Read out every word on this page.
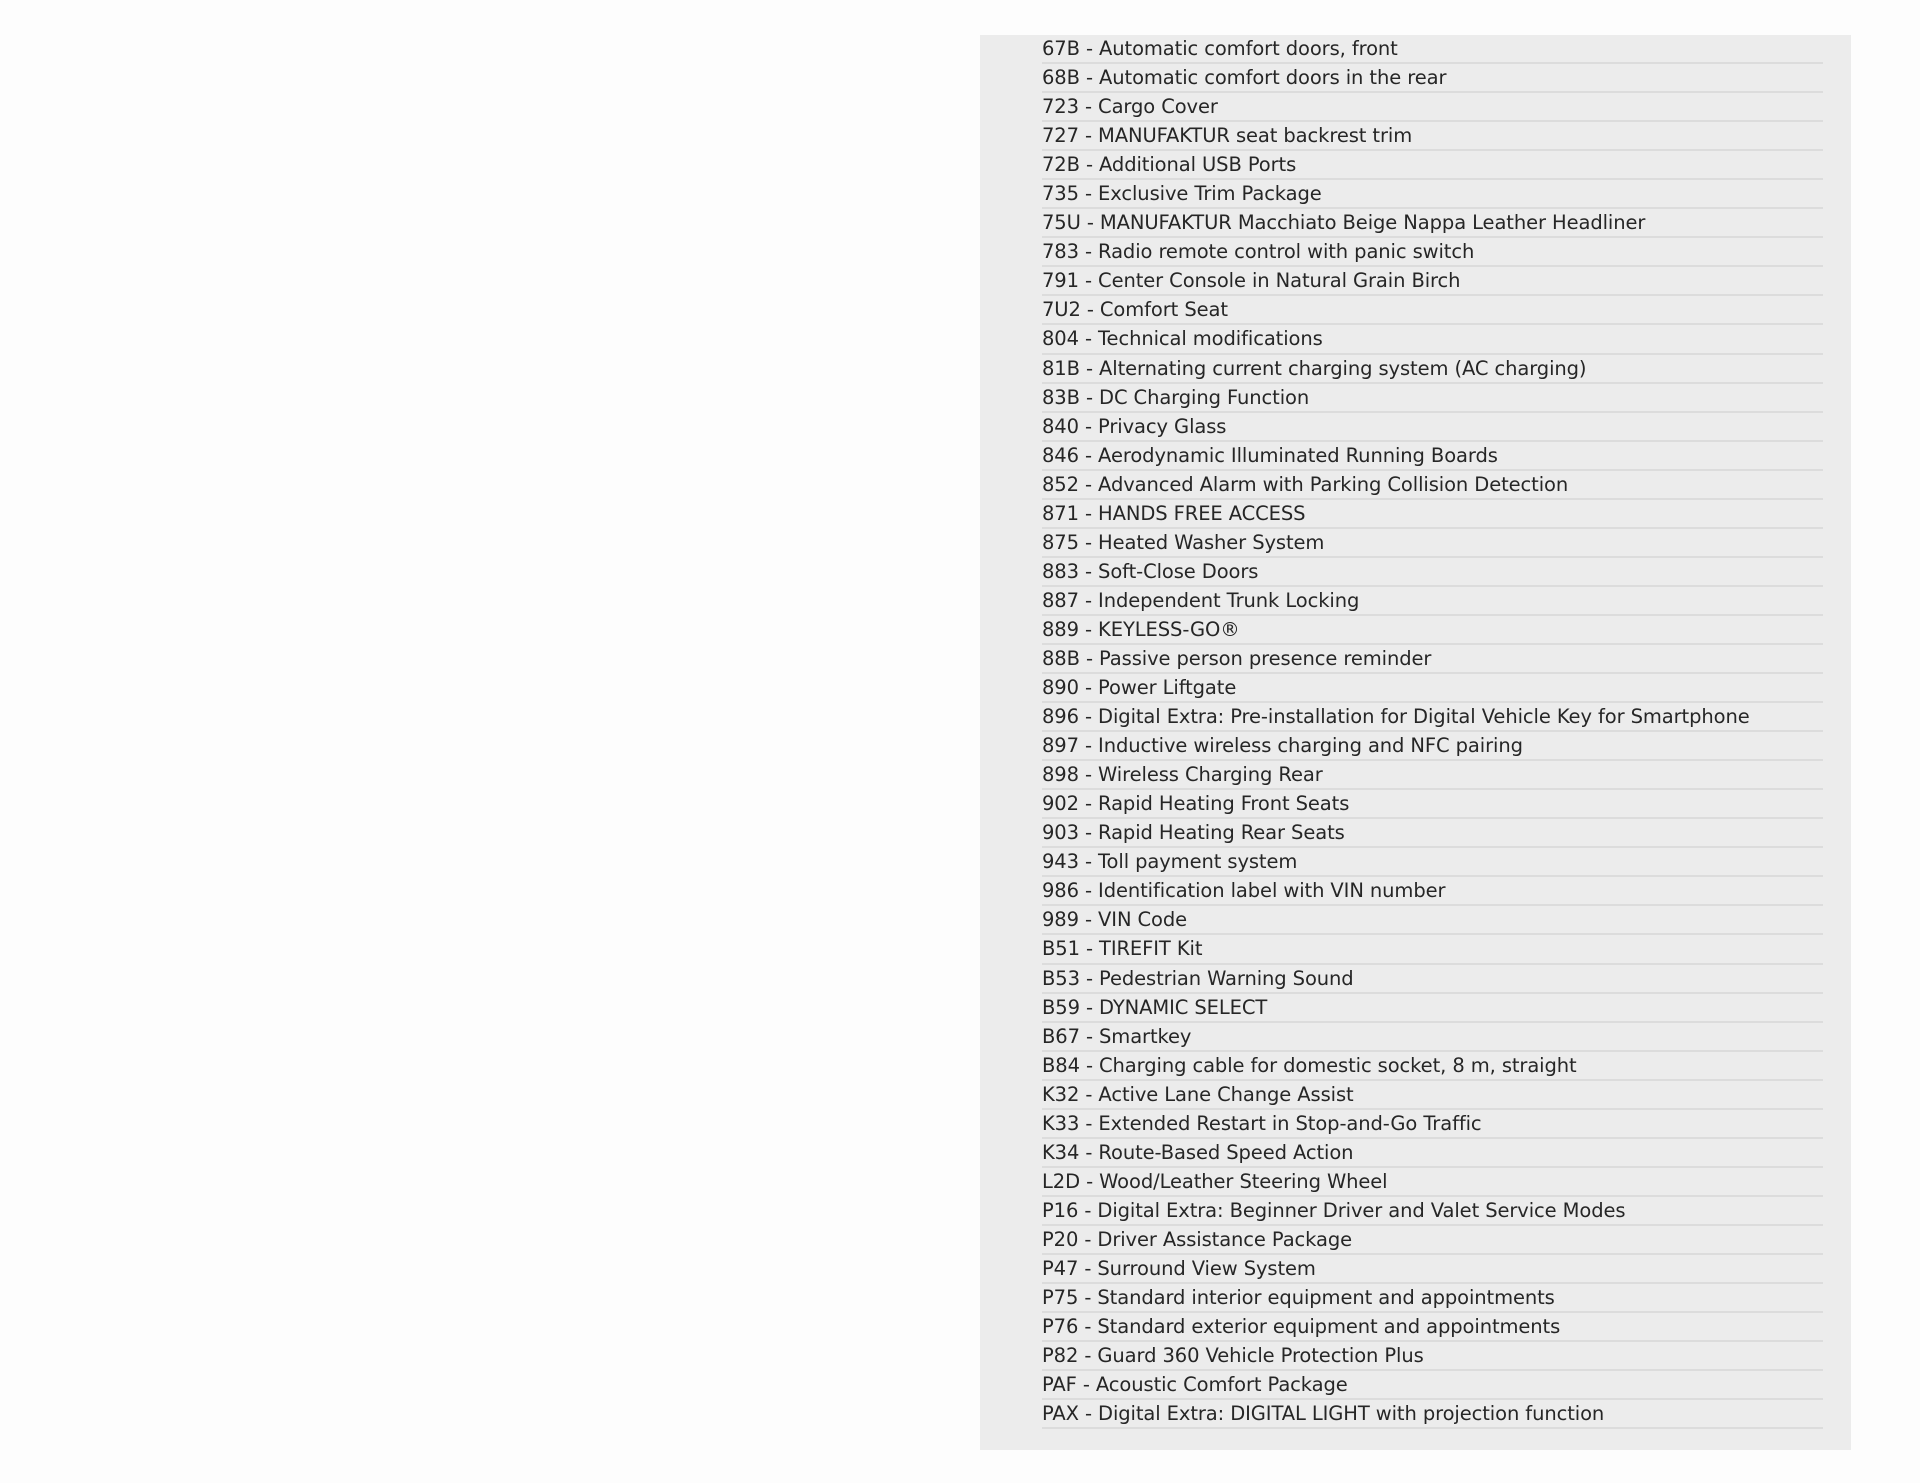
67B - Automatic comfort doors, front
68B - Automatic comfort doors in the rear
723 - Cargo Cover
727 - MANUFAKTUR seat backrest trim
72B - Additional USB Ports
735 - Exclusive Trim Package
75U - MANUFAKTUR Macchiato Beige Nappa Leather Headliner
783 - Radio remote control with panic switch
791 - Center Console in Natural Grain Birch
7U2 - Comfort Seat
804 - Technical modifications
81B - Alternating current charging system (AC charging)
83B - DC Charging Function
840 - Privacy Glass
846 - Aerodynamic Illuminated Running Boards
852 - Advanced Alarm with Parking Collision Detection
871 - HANDS FREE ACCESS
875 - Heated Washer System
883 - Soft-Close Doors
887 - Independent Trunk Locking
889 - KEYLESS-GO®
88B - Passive person presence reminder
890 - Power Liftgate
896 - Digital Extra: Pre-installation for Digital Vehicle Key for Smartphone
897 - Inductive wireless charging and NFC pairing
898 - Wireless Charging Rear
902 - Rapid Heating Front Seats
903 - Rapid Heating Rear Seats
943 - Toll payment system
986 - Identification label with VIN number
989 - VIN Code
B51 - TIREFIT Kit
B53 - Pedestrian Warning Sound
B59 - DYNAMIC SELECT
B67 - Smartkey
B84 - Charging cable for domestic socket, 8 m, straight
K32 - Active Lane Change Assist
K33 - Extended Restart in Stop-and-Go Traffic
K34 - Route-Based Speed Action
L2D - Wood/Leather Steering Wheel
P16 - Digital Extra: Beginner Driver and Valet Service Modes
P20 - Driver Assistance Package
P47 - Surround View System
P75 - Standard interior equipment and appointments
P76 - Standard exterior equipment and appointments
P82 - Guard 360 Vehicle Protection Plus
PAF - Acoustic Comfort Package
PAX - Digital Extra: DIGITAL LIGHT with projection function
